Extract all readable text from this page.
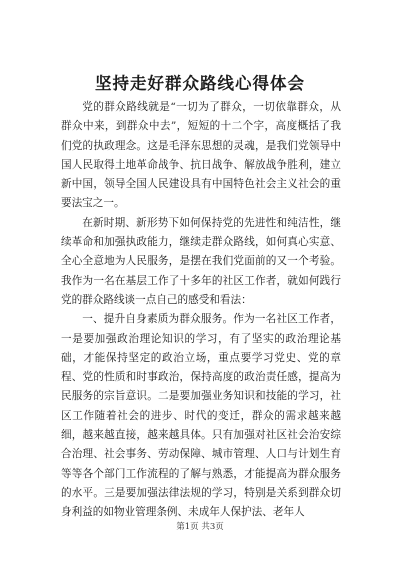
坚持走好群众路线心得体会

党的群众路线就是“一切为了群众，一切依靠群众，从群众中来，到群众中去”，短短的十二个字，高度概括了我们党的执政理念。这是毛泽东思想的灵魂，是我们党领导中国人民取得土地革命战争、抗日战争、解放战争胜利，建立新中国，领导全国人民建设具有中国特色社会主义社会的重要法宝之一。

在新时期、新形势下如何保持党的先进性和纯洁性，继续革命和加强执政能力，继续走群众路线，如何真心实意、全心全意地为人民服务，是摆在我们党面前的又一个考验。我作为一名在基层工作了十多年的社区工作者，就如何践行党的群众路线谈一点自己的感受和看法：

一、提升自身素质为群众服务。作为一名社区工作者，一是要加强政治理论知识的学习，有了坚实的政治理论基础，才能保持坚定的政治立场，重点要学习党史、党的章程、党的性质和时事政治，保持高度的政治责任感，提高为民服务的宗旨意识。二是要加强业务知识和技能的学习，社区工作随着社会的进步、时代的变迁，群众的需求越来越细，越来越直接，越来越具体。只有加强对社区社会治安综合治理、社会事务、劳动保障、城市管理、人口与计划生育等等各个部门工作流程的了解与熟悉，才能提高为群众服务的水平。三是要加强法律法规的学习，特别是关系到群众切身利益的如物业管理条例、未成年人保护法、老年人

第1页 共3页
